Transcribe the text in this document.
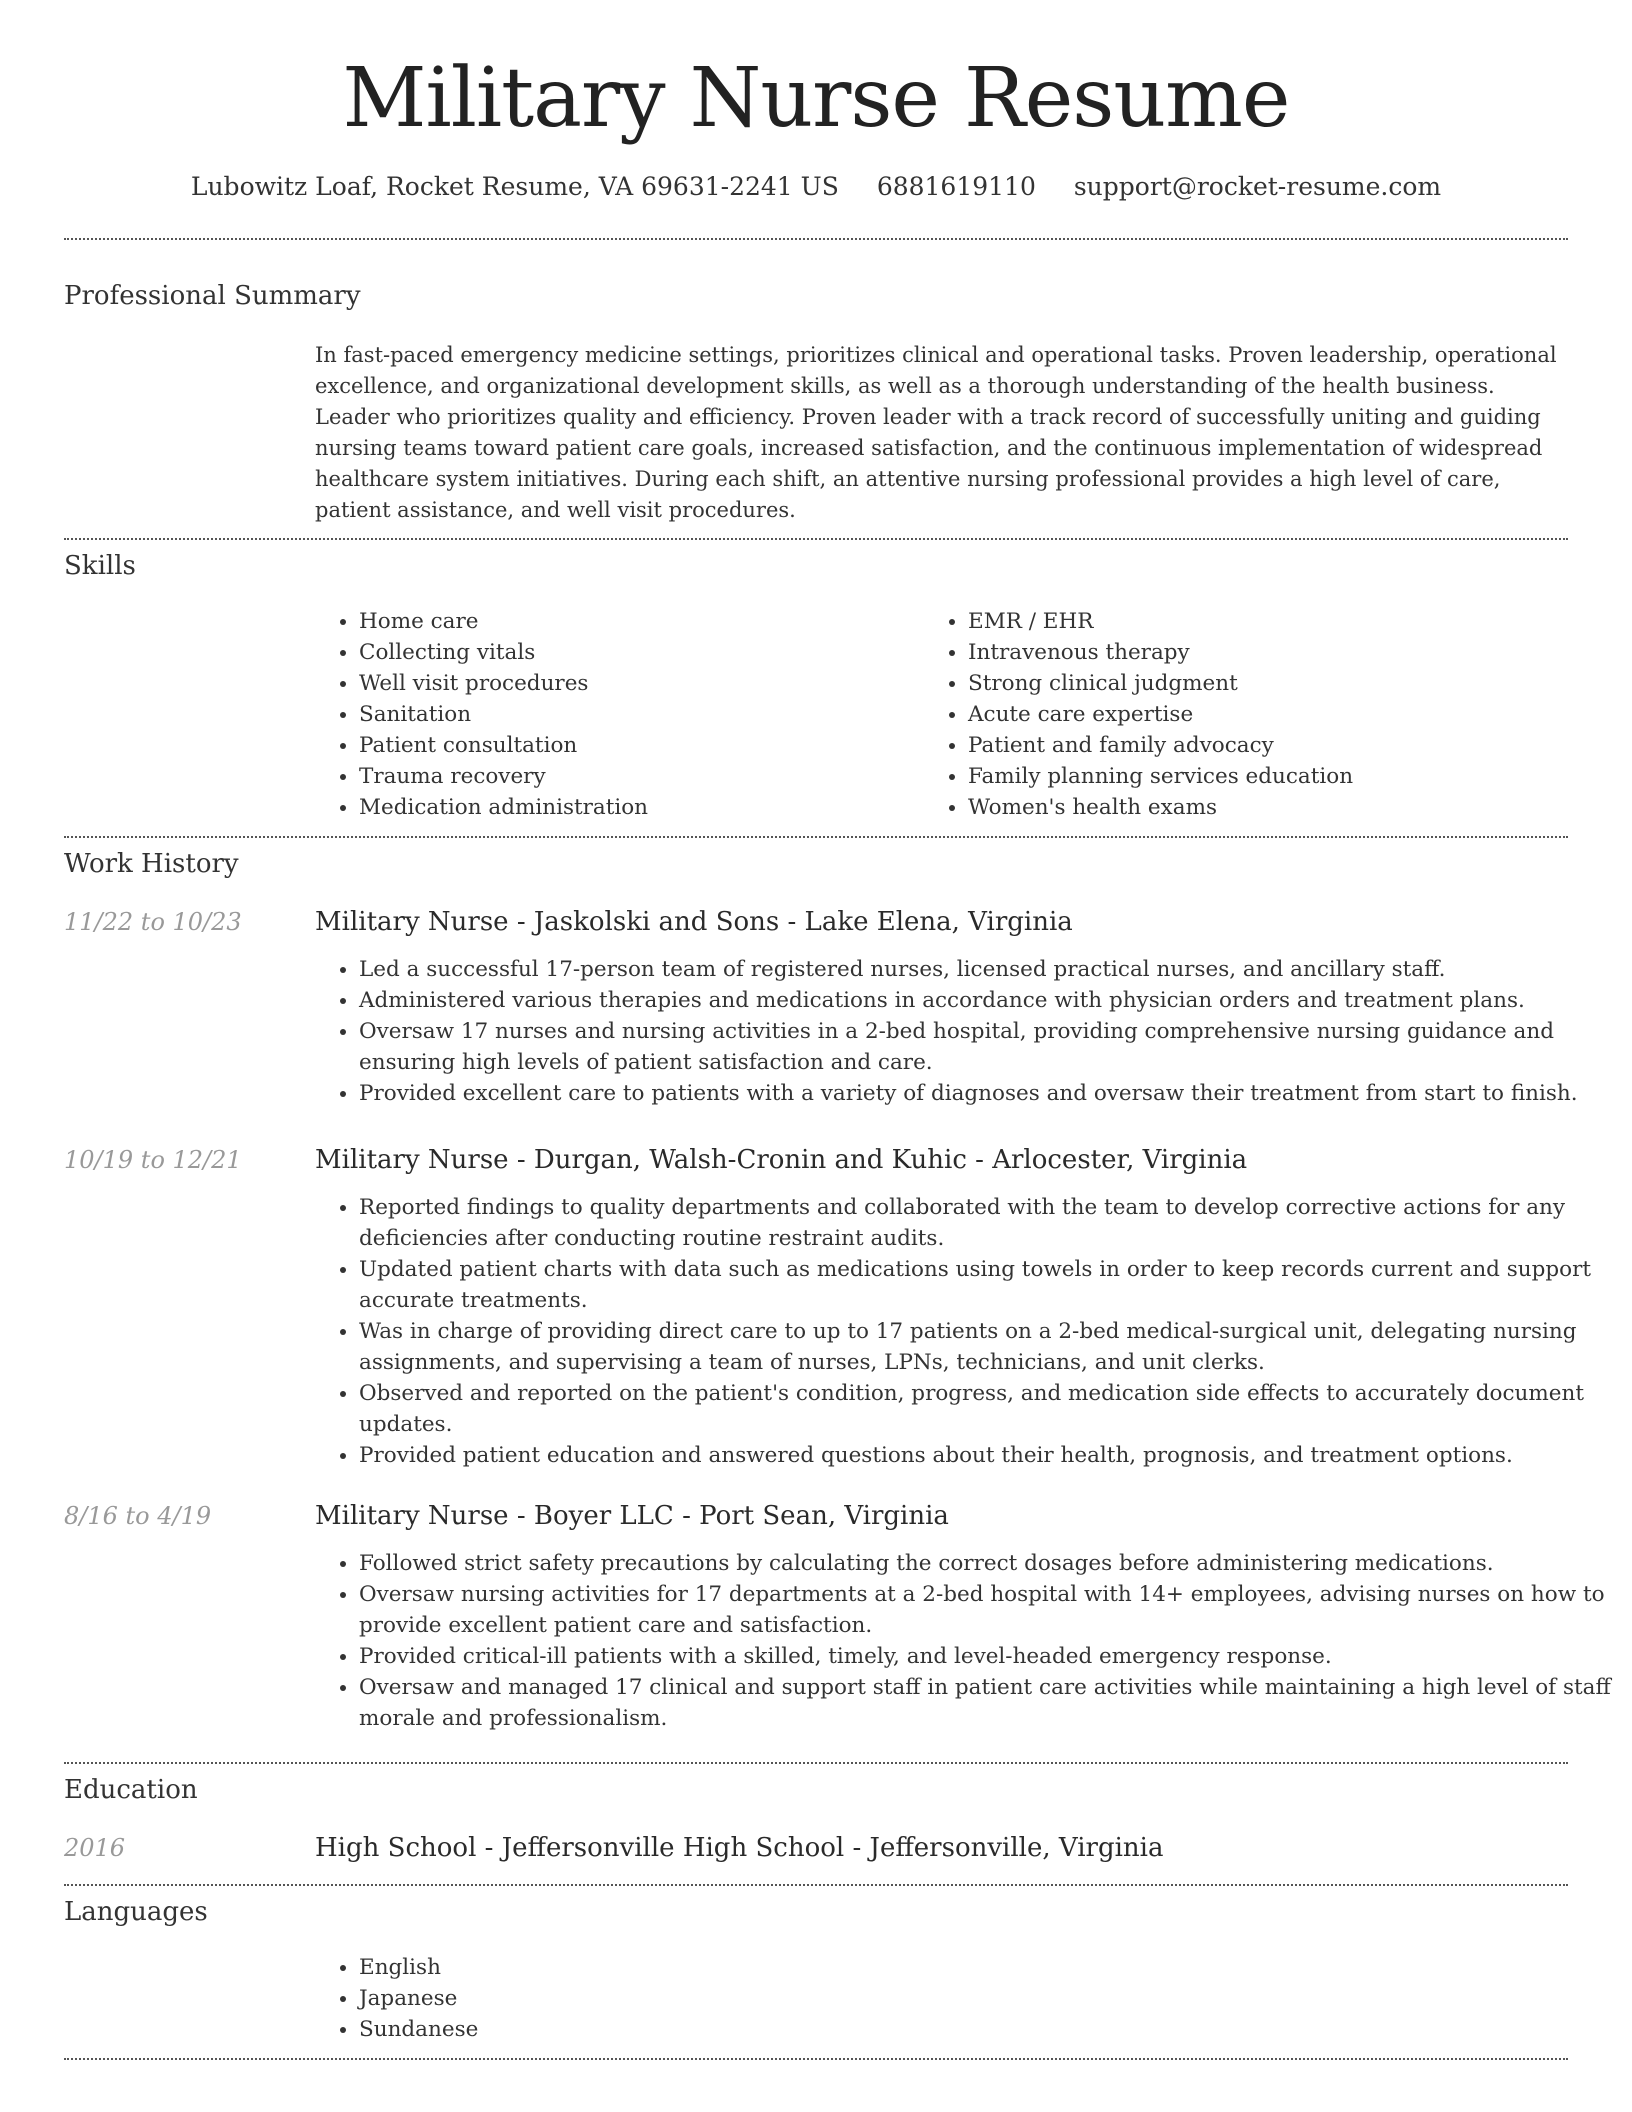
Military Nurse Resume
Lubowitz Loaf, Rocket Resume, VA 69631-2241 US 6881619110 support@rocket-resume.com
Professional Summary

In fast-paced emergency medicine settings, prioritizes clinical and operational tasks. Proven leadership, operational excellence, and organizational development skills, as well as a thorough understanding of the health business. Leader who prioritizes quality and efficiency. Proven leader with a track record of successfully uniting and guiding nursing teams toward patient care goals, increased satisfaction, and the continuous implementation of widespread healthcare system initiatives. During each shift, an attentive nursing professional provides a high level of care, patient assistance, and well visit procedures.

Skills
• Home care
• Collecting vitals
• Well visit procedures
• Sanitation
• Patient consultation
• Trauma recovery
• Medication administration
• EMR / EHR
• Intravenous therapy
• Strong clinical judgment
• Acute care expertise
• Patient and family advocacy
• Family planning services education
• Women's health exams
Work History
11/22 to 10/23	Military Nurse - Jaskolski and Sons - Lake Elena, Virginia
• Led a successful 17-person team of registered nurses, licensed practical nurses, and ancillary staff.
• Administered various therapies and medications in accordance with physician orders and treatment plans.
• Oversaw 17 nurses and nursing activities in a 2-bed hospital, providing comprehensive nursing guidance and ensuring high levels of patient satisfaction and care.
• Provided excellent care to patients with a variety of diagnoses and oversaw their treatment from start to finish.
10/19 to 12/21	Military Nurse - Durgan, Walsh-Cronin and Kuhic - Arlocester, Virginia
• Reported findings to quality departments and collaborated with the team to develop corrective actions for any deficiencies after conducting routine restraint audits.
• Updated patient charts with data such as medications using towels in order to keep records current and support accurate treatments.
• Was in charge of providing direct care to up to 17 patients on a 2-bed medical-surgical unit, delegating nursing assignments, and supervising a team of nurses, LPNs, technicians, and unit clerks.
• Observed and reported on the patient's condition, progress, and medication side effects to accurately document updates.
• Provided patient education and answered questions about their health, prognosis, and treatment options.
8/16 to 4/19	Military Nurse - Boyer LLC - Port Sean, Virginia
• Followed strict safety precautions by calculating the correct dosages before administering medications.
• Oversaw nursing activities for 17 departments at a 2-bed hospital with 14+ employees, advising nurses on how to provide excellent patient care and satisfaction.
• Provided critical-ill patients with a skilled, timely, and level-headed emergency response.
• Oversaw and managed 17 clinical and support staff in patient care activities while maintaining a high level of staff morale and professionalism.
Education
2016	High School - Jeffersonville High School - Jeffersonville, Virginia
Languages
• English
• Japanese
• Sundanese
